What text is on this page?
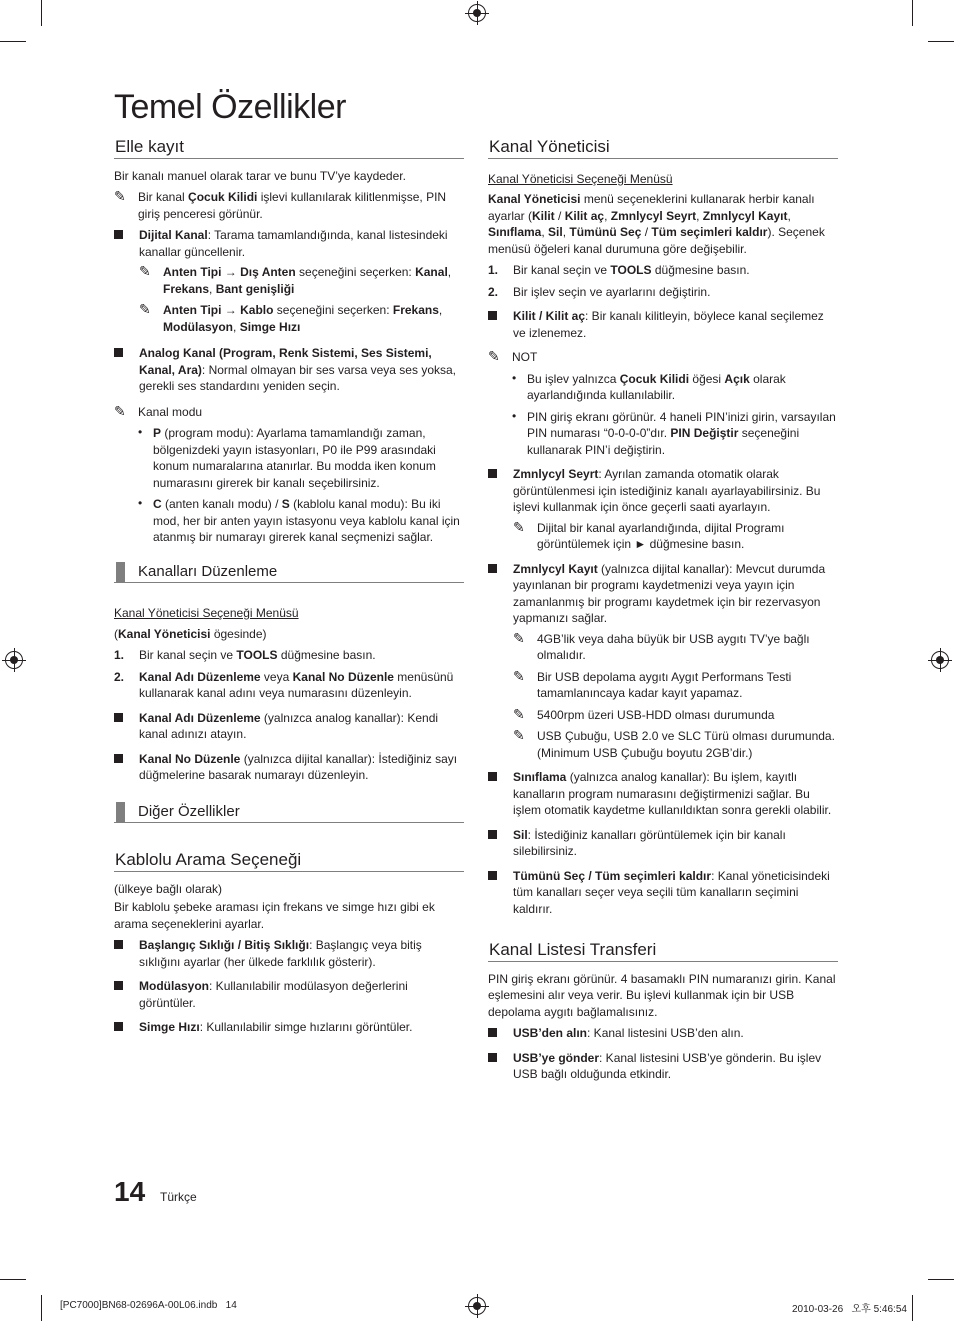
Temel Özellikler
Elle kayıt

Bir kanalı manuel olarak tarar ve bunu TV’ye kaydeder.

✎ Bir kanal Çocuk Kilidi işlevi kullanılarak kilitlenmişse, PIN giriş penceresi görünür.
Dijital Kanal: Tarama tamamlandığında, kanal listesindeki kanallar güncellenir.
✎ Anten Tipi → Dış Anten seçeneğini seçerken: Kanal, Frekans, Bant genişliği
✎ Anten Tipi → Kablo seçeneğini seçerken: Frekans, Modülasyon, Simge Hızı
Analog Kanal (Program, Renk Sistemi, Ses Sistemi, Kanal, Ara): Normal olmayan bir ses varsa veya ses yoksa, gerekli ses standardını yeniden seçin.
✎ Kanal modu
• P (program modu): Ayarlama tamamlandığı zaman, bölgenizdeki yayın istasyonları, P0 ile P99 arasındaki konum numaralarına atanırlar. Bu modda iken konum numarasını girerek bir kanalı seçebilirsiniz.
• C (anten kanalı modu) / S (kablolu kanal modu): Bu iki mod, her bir anten yayın istasyonu veya kablolu kanal için atanmış bir numarayı girerek kanal seçmenizi sağlar.
Kanalları Düzenleme
Kanal Yöneticisi Seçeneği Menüsü

(Kanal Yöneticisi ögesinde)

1. Bir kanal seçin ve TOOLS düğmesine basın.
2. Kanal Adı Düzenleme veya Kanal No Düzenle menüsünü kullanarak kanal adını veya numarasını düzenleyin.
Kanal Adı Düzenleme (yalnızca analog kanallar): Kendi kanal adınızı atayın.
Kanal No Düzenle (yalnızca dijital kanallar): İstediğiniz sayı düğmelerine basarak numarayı düzenleyin.
Diğer Özellikler
Kablolu Arama Seçeneği

(ülkeye bağlı olarak)

Bir kablolu şebeke araması için frekans ve simge hızı gibi ek arama seçeneklerini ayarlar.

Başlangıç Sıklığı / Bitiş Sıklığı: Başlangıç veya bitiş sıklığını ayarlar (her ülkede farklılık gösterir).
Modülasyon: Kullanılabilir modülasyon değerlerini görüntüler.
Simge Hızı: Kullanılabilir simge hızlarını görüntüler.
Kanal Yöneticisi
Kanal Yöneticisi Seçeneği Menüsü

Kanal Yöneticisi menü seçeneklerini kullanarak herbir kanalı ayarlar (Kilit / Kilit aç, Zmnlycyl Seyrt, Zmnlycyl Kayıt, Sınıflama, Sil, Tümünü Seç / Tüm seçimleri kaldır). Seçenek menüsü öğeleri kanal durumuna göre değişebilir.

1. Bir kanal seçin ve TOOLS düğmesine basın.
2. Bir işlev seçin ve ayarlarını değiştirin.
Kilit / Kilit aç: Bir kanalı kilitleyin, böylece kanal seçilemez ve izlenemez.
✎ NOT
• Bu işlev yalnızca Çocuk Kilidi öğesi Açık olarak ayarlandığında kullanılabilir.
• PIN giriş ekranı görünür. 4 haneli PIN’inizi girin, varsayılan PIN numarası “0-0-0-0”dır. PIN Değiştir seçeneğini kullanarak PIN’i değiştirin.
Zmnlycyl Seyrt: Ayrılan zamanda otomatik olarak görüntülenmesi için istediğiniz kanalı ayarlayabilirsiniz. Bu işlevi kullanmak için önce geçerli saati ayarlayın.
✎ Dijital bir kanal ayarlandığında, dijital Programı görüntülemek için ► düğmesine basın.
Zmnlycyl Kayıt (yalnızca dijital kanallar): Mevcut durumda yayınlanan bir programı kaydetmenizi veya yayın için zamanlanmış bir programı kaydetmek için bir rezervasyon yapmanızı sağlar.
✎ 4GB’lik veya daha büyük bir USB aygıtı TV’ye bağlı olmalıdır.
✎ Bir USB depolama aygıtı Aygıt Performans Testi tamamlanıncaya kadar kayıt yapamaz.
✎ 5400rpm üzeri USB-HDD olması durumunda
✎ USB Çubuğu, USB 2.0 ve SLC Türü olması durumunda. (Minimum USB Çubuğu boyutu 2GB’dir.)
Sınıflama (yalnızca analog kanallar): Bu işlem, kayıtlı kanalların program numarasını değiştirmenizi sağlar. Bu işlem otomatik kaydetme kullanıldıktan sonra gerekli olabilir.
Sil: İstediğiniz kanalları görüntülemek için bir kanalı silebilirsiniz.
Tümünü Seç / Tüm seçimleri kaldır: Kanal yöneticisindeki tüm kanalları seçer veya seçili tüm kanalların seçimini kaldırır.
Kanal Listesi Transferi

PIN giriş ekranı görünür. 4 basamaklı PIN numaranızı girin. Kanal eşlemesini alır veya verir. Bu işlevi kullanmak için bir USB depolama aygıtı bağlamalısınız.

USB’den alın: Kanal listesini USB’den alın.
USB’ye gönder: Kanal listesini USB’ye gönderin. Bu işlev USB bağlı olduğunda etkindir.
14 Türkçe
[PC7000]BN68-02696A-00L06.indb   14	2010-03-26   오후 5:46:54
